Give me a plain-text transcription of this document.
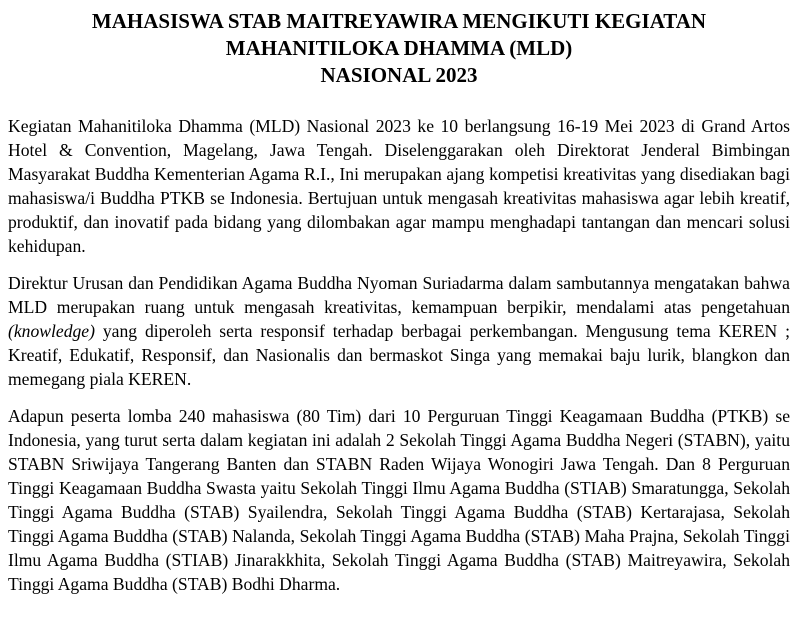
MAHASISWA STAB MAITREYAWIRA MENGIKUTI KEGIATAN
MAHANITILOKA DHAMMA (MLD)
NASIONAL 2023

Kegiatan Mahanitiloka Dhamma (MLD) Nasional 2023 ke 10 berlangsung 16-19 Mei 2023 di Grand Artos Hotel & Convention, Magelang, Jawa Tengah. Diselenggarakan oleh Direktorat Jenderal Bimbingan Masyarakat Buddha Kementerian Agama R.I., Ini merupakan ajang kompetisi kreativitas yang disediakan bagi mahasiswa/i Buddha PTKB se Indonesia. Bertujuan untuk mengasah kreativitas mahasiswa agar lebih kreatif, produktif, dan inovatif pada bidang yang dilombakan agar mampu menghadapi tantangan dan mencari solusi kehidupan.

Direktur Urusan dan Pendidikan Agama Buddha Nyoman Suriadarma dalam sambutannya mengatakan bahwa MLD merupakan ruang untuk mengasah kreativitas, kemampuan berpikir, mendalami atas pengetahuan (knowledge) yang diperoleh serta responsif terhadap berbagai perkembangan. Mengusung tema KEREN ; Kreatif, Edukatif, Responsif, dan Nasionalis dan bermaskot Singa yang memakai baju lurik, blangkon dan memegang piala KEREN.

Adapun peserta lomba 240 mahasiswa (80 Tim) dari 10 Perguruan Tinggi Keagamaan Buddha (PTKB) se Indonesia, yang turut serta dalam kegiatan ini adalah 2 Sekolah Tinggi Agama Buddha Negeri (STABN), yaitu STABN Sriwijaya Tangerang Banten dan STABN Raden Wijaya Wonogiri Jawa Tengah. Dan 8 Perguruan Tinggi Keagamaan Buddha Swasta yaitu Sekolah Tinggi Ilmu Agama Buddha (STIAB) Smaratungga, Sekolah Tinggi Agama Buddha (STAB) Syailendra, Sekolah Tinggi Agama Buddha (STAB) Kertarajasa, Sekolah Tinggi Agama Buddha (STAB) Nalanda, Sekolah Tinggi Agama Buddha (STAB) Maha Prajna, Sekolah Tinggi Ilmu Agama Buddha (STIAB) Jinarakkhita, Sekolah Tinggi Agama Buddha (STAB) Maitreyawira, Sekolah Tinggi Agama Buddha (STAB) Bodhi Dharma.
